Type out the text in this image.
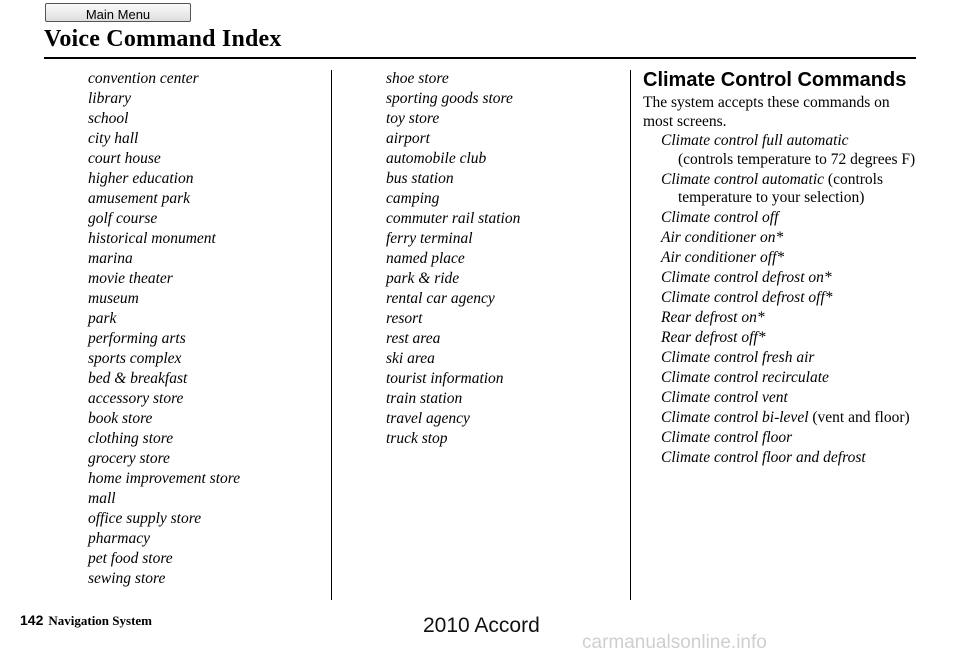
Main Menu
Voice Command Index
convention center
library
school
city hall
court house
higher education
amusement park
golf course
historical monument
marina
movie theater
museum
park
performing arts
sports complex
bed & breakfast
accessory store
book store
clothing store
grocery store
home improvement store
mall
office supply store
pharmacy
pet food store
sewing store
shoe store
sporting goods store
toy store
airport
automobile club
bus station
camping
commuter rail station
ferry terminal
named place
park & ride
rental car agency
resort
rest area
ski area
tourist information
train station
travel agency
truck stop
Climate Control Commands

The system accepts these commands on most screens.

Climate control full automatic
(controls temperature to 72 degrees F)
Climate control automatic (controls temperature to your selection)
Climate control off
Air conditioner on*
Air conditioner off*
Climate control defrost on*
Climate control defrost off*
Rear defrost on*
Rear defrost off*
Climate control fresh air
Climate control recirculate
Climate control vent
Climate control bi-level (vent and floor)
Climate control floor
Climate control floor and defrost
142 Navigation System	2010 Accord
carmanualsonline.info
